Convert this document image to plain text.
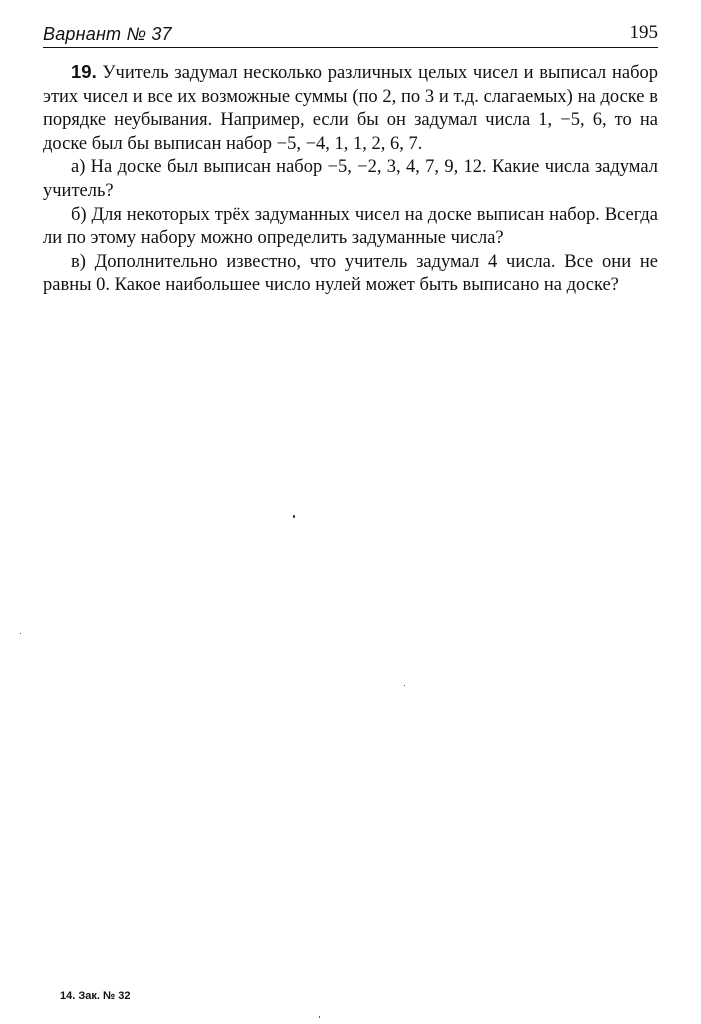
Варнант № 37	195

19. Учитель задумал несколько различных целых чисел и выписал набор этих чисел и все их возможные суммы (по 2, по 3 и т.д. слагаемых) на доске в порядке неубывания. Например, если бы он задумал числа 1, −5, 6, то на доске был бы выписан набор −5, −4, 1, 1, 2, 6, 7.

а) На доске был выписан набор −5, −2, 3, 4, 7, 9, 12. Какие числа задумал учитель?

б) Для некоторых трёх задуманных чисел на доске выписан набор. Всегда ли по этому набору можно определить задуманные числа?

в) Дополнительно известно, что учитель задумал 4 числа. Все они не равны 0. Какое наибольшее число нулей может быть выписано на доске?

14. Зак. № 32
